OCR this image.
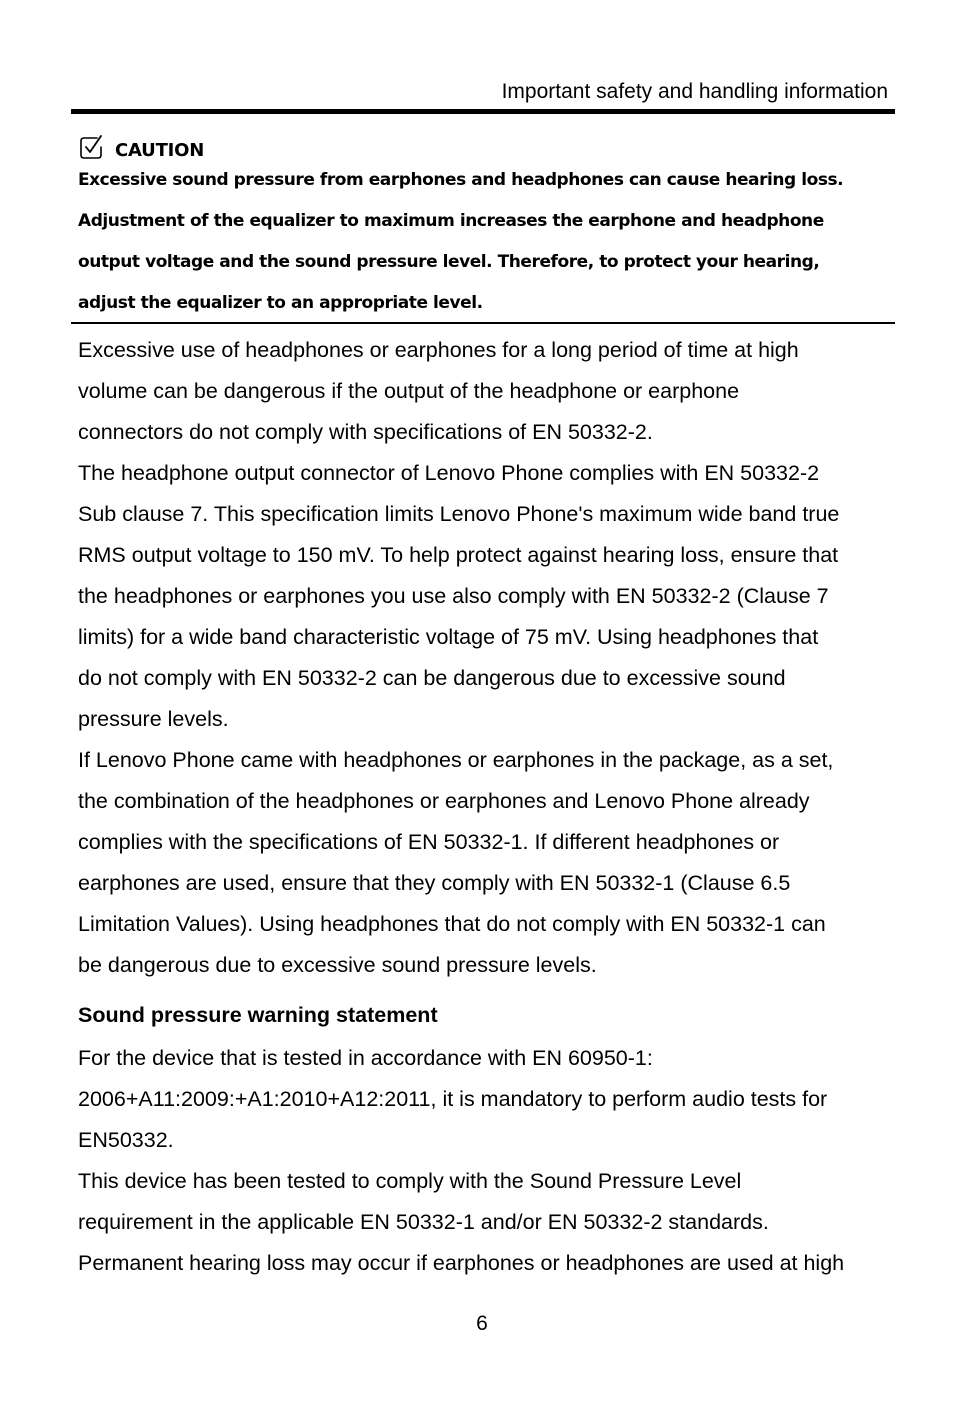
Important safety and handling information
CAUTION

Excessive sound pressure from earphones and headphones can cause hearing loss.
Adjustment of the equalizer to maximum increases the earphone and headphone
output voltage and the sound pressure level. Therefore, to protect your hearing,
adjust the equalizer to an appropriate level.

Excessive use of headphones or earphones for a long period of time at high
volume can be dangerous if the output of the headphone or earphone
connectors do not comply with specifications of EN 50332-2.
The headphone output connector of Lenovo Phone complies with EN 50332-2
Sub clause 7. This specification limits Lenovo Phone's maximum wide band true
RMS output voltage to 150 mV. To help protect against hearing loss, ensure that
the headphones or earphones you use also comply with EN 50332-2 (Clause 7
limits) for a wide band characteristic voltage of 75 mV. Using headphones that
do not comply with EN 50332-2 can be dangerous due to excessive sound
pressure levels.
If Lenovo Phone came with headphones or earphones in the package, as a set,
the combination of the headphones or earphones and Lenovo Phone already
complies with the specifications of EN 50332-1. If different headphones or
earphones are used, ensure that they comply with EN 50332-1 (Clause 6.5
Limitation Values). Using headphones that do not comply with EN 50332-1 can
be dangerous due to excessive sound pressure levels.

Sound pressure warning statement

For the device that is tested in accordance with EN 60950-1:
2006+A11:2009:+A1:2010+A12:2011, it is mandatory to perform audio tests for
EN50332.
This device has been tested to comply with the Sound Pressure Level
requirement in the applicable EN 50332-1 and/or EN 50332-2 standards.
Permanent hearing loss may occur if earphones or headphones are used at high

6
